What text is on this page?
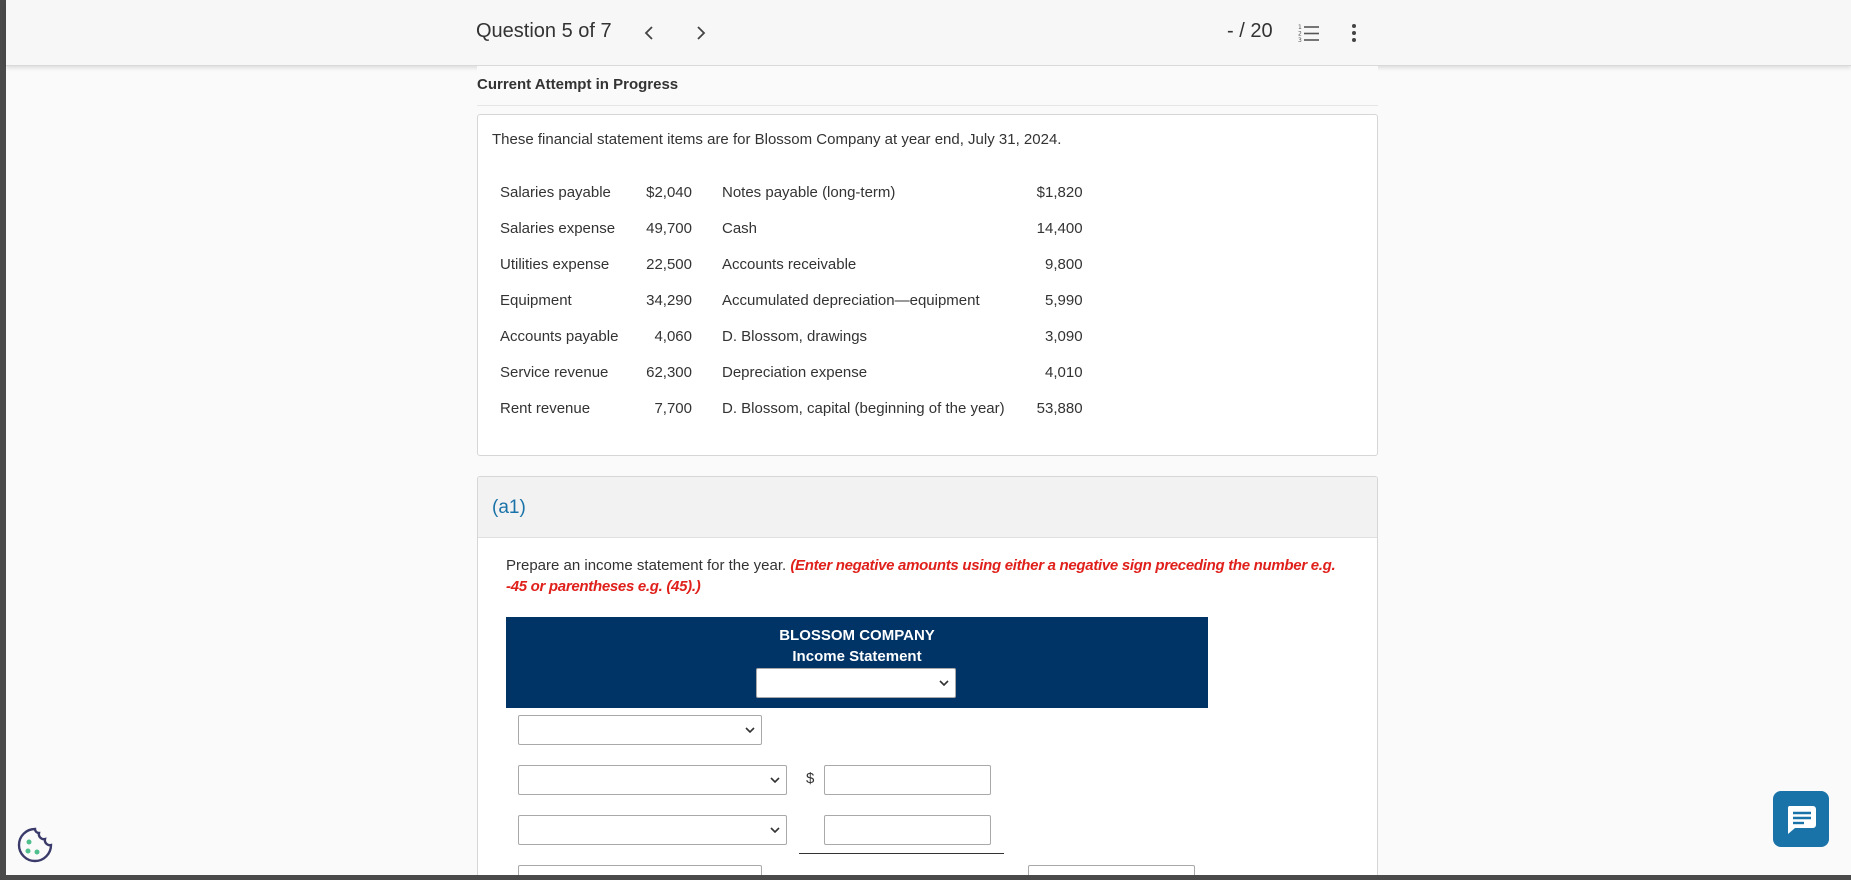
Question 5 of 7	- / 20	1
2
3
Current Attempt in Progress
These financial statement items are for Blossom Company at year end, July 31, 2024.
Salaries payable	$2,040	Notes payable (long-term)	$1,820
Salaries expense	49,700	Cash	14,400
Utilities expense	22,500	Accounts receivable	9,800
Equipment	34,290	Accumulated depreciation—equipment	5,990
Accounts payable	4,060	D. Blossom, drawings	3,090
Service revenue	62,300	Depreciation expense	4,010
Rent revenue	7,700	D. Blossom, capital (beginning of the year)	53,880
(a1)
Prepare an income statement for the year. (Enter negative amounts using either a negative sign preceding the number e.g. -45 or parentheses e.g. (45).)
BLOSSOM COMPANY
Income Statement
$
